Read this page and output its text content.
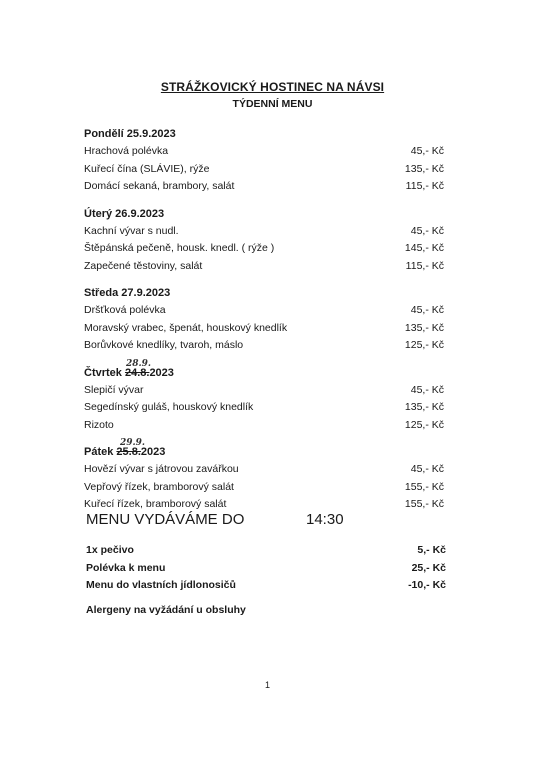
STRÁŽKOVICKÝ HOSTINEC NA NÁVSI
TÝDENNÍ MENU
Pondělí 25.9.2023
Hrachová polévka	45,- Kč
Kuřecí čína (SLÁVIE), rýže	135,- Kč
Domácí sekaná, brambory, salát	115,- Kč
Úterý 26.9.2023
Kachní vývar s nudl.	45,- Kč
Štěpánská pečeně, housk. knedl. ( rýže )	145,- Kč
Zapečené těstoviny, salát	115,- Kč
Středa 27.9.2023
Dršťková polévka	45,- Kč
Moravský vrabec, špenát, houskový knedlík	135,- Kč
Borůvkové knedlíky, tvaroh, máslo	125,- Kč
Čtvrtek 24.8.2023
28.9.
Slepičí vývar	45,- Kč
Segedínský guláš, houskový knedlík	135,- Kč
Rizoto	125,- Kč
Pátek 25.8.2023
29.9.
Hovězí vývar s játrovou zavářkou	45,- Kč
Vepřový řízek, bramborový salát	155,- Kč
Kuřecí řízek, bramborový salát	155,- Kč
MENU VYDÁVÁME DO	14:30
1x pečivo	5,- Kč
Polévka k menu	25,- Kč
Menu do vlastních jídlonosičů	-10,- Kč
Alergeny na vyžádání u obsluhy
1
